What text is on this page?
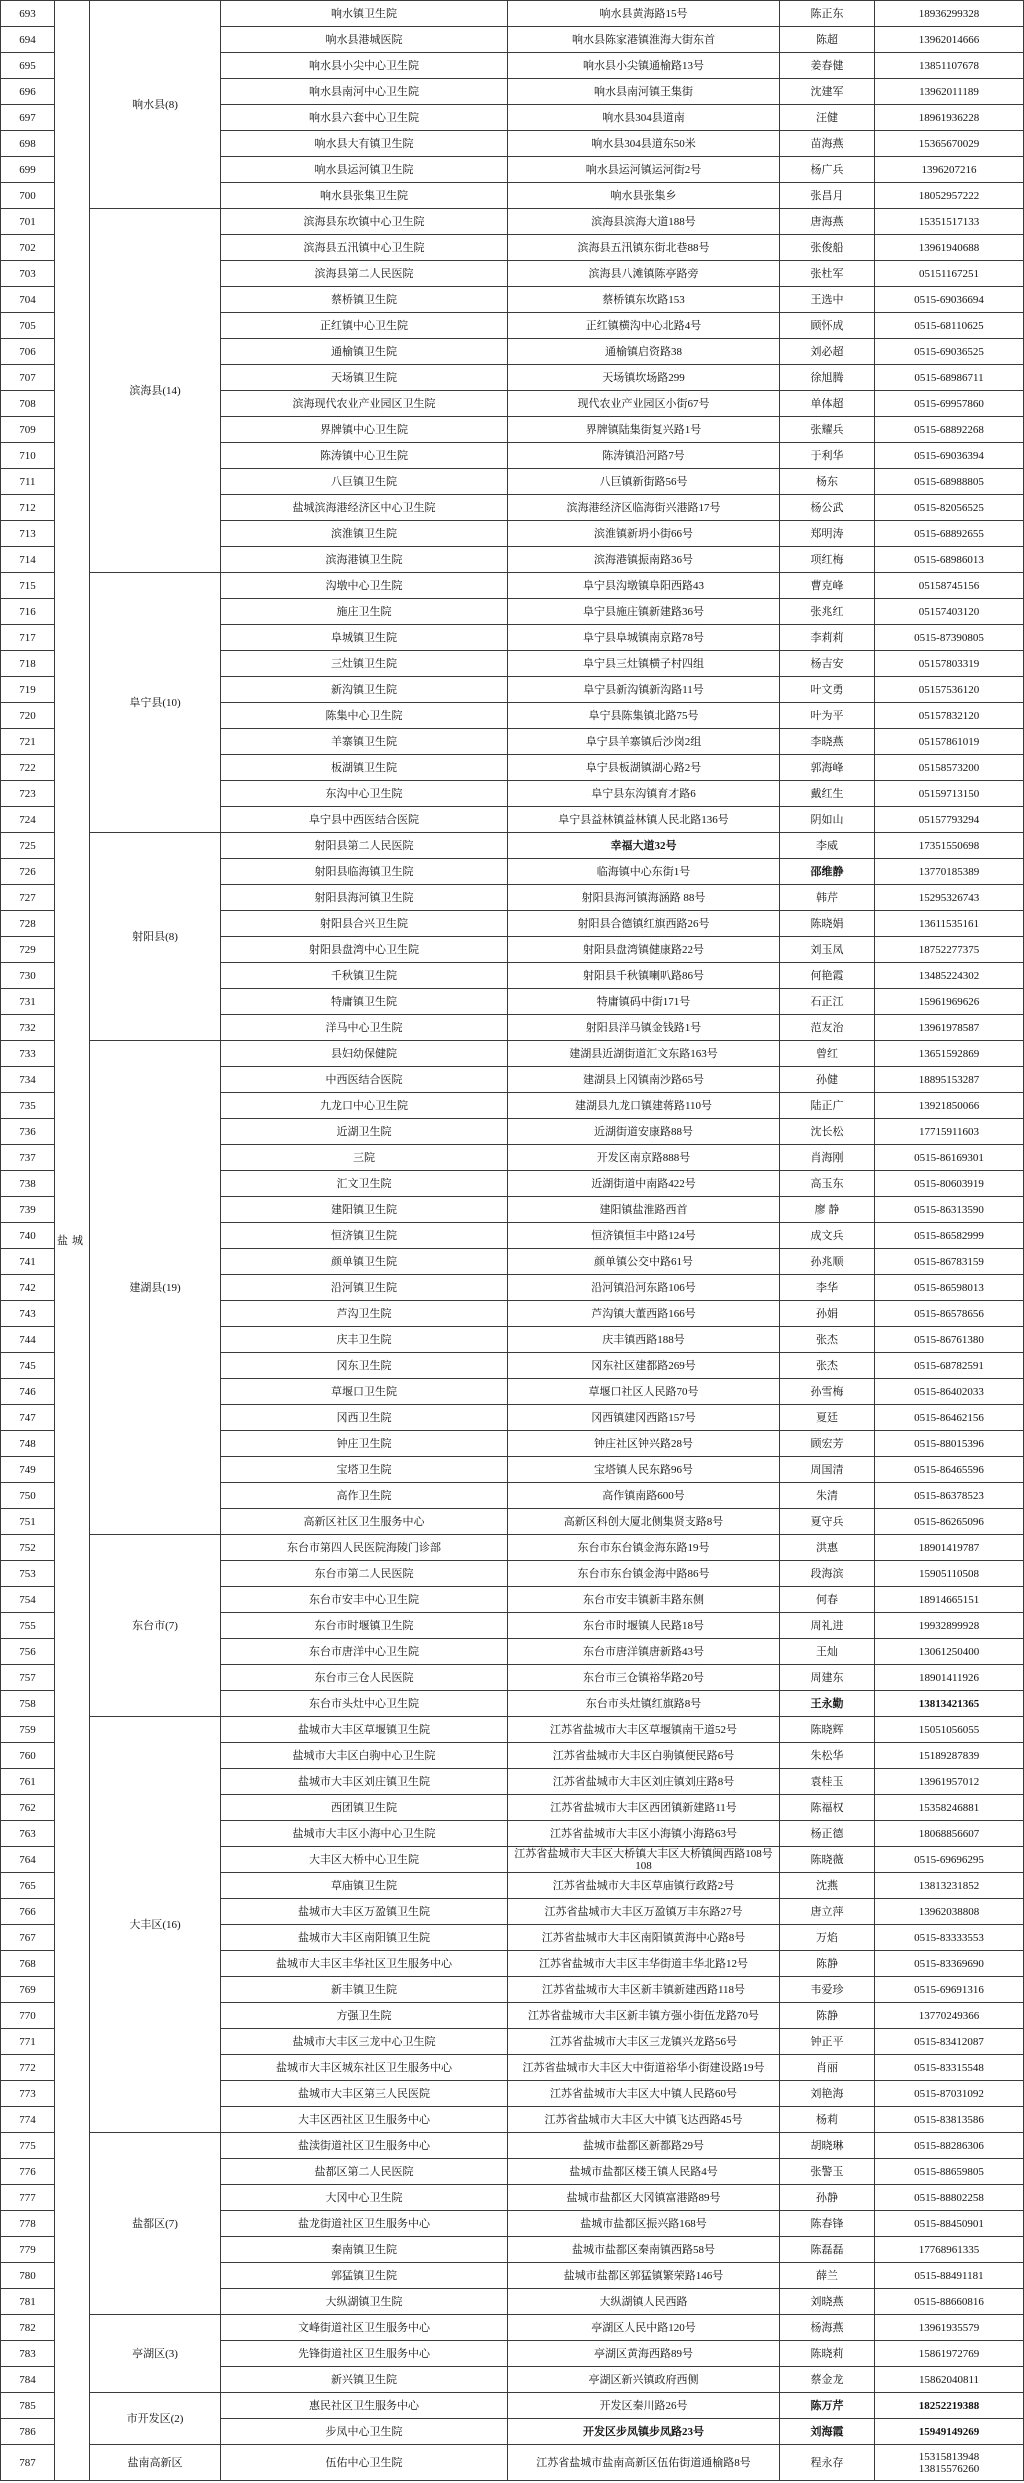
盐城
响水县(8)
693	响水镇卫生院	响水县黄海路15号	陈正东	18936299328
694	响水县港城医院	响水县陈家港镇淮海大街东首	陈超	13962014666
695	响水县小尖中心卫生院	响水县小尖镇通榆路13号	姜春健	13851107678
696	响水县南河中心卫生院	响水县南河镇王集街	沈建军	13962011189
697	响水县六套中心卫生院	响水县304县道南	汪健	18961936228
698	响水县大有镇卫生院	响水县304县道东50米	苗海燕	15365670029
699	响水县运河镇卫生院	响水县运河镇运河街2号	杨广兵	1396207216
700	响水县张集卫生院	响水县张集乡	张昌月	18052957222
滨海县(14)
701	滨海县东坎镇中心卫生院	滨海县滨海大道188号	唐海燕	15351517133
702	滨海县五汛镇中心卫生院	滨海县五汛镇东街北巷88号	张俊船	13961940688
703	滨海县第二人民医院	滨海县八滩镇陈亭路旁	张杜军	05151167251
704	蔡桥镇卫生院	蔡桥镇东坎路153	王选中	0515-69036694
705	正红镇中心卫生院	正红镇横沟中心北路4号	顾怀成	0515-68110625
706	通榆镇卫生院	通榆镇启资路38	刘必超	0515-69036525
707	天场镇卫生院	天场镇坎场路299	徐旭腾	0515-68986711
708	滨海现代农业产业园区卫生院	现代农业产业园区小街67号	单体超	0515-69957860
709	界牌镇中心卫生院	界牌镇陆集街复兴路1号	张耀兵	0515-68892268
710	陈涛镇中心卫生院	陈涛镇沿河路7号	于利华	0515-69036394
711	八巨镇卫生院	八巨镇新街路56号	杨东	0515-68988805
712	盐城滨海港经济区中心卫生院	滨海港经济区临海街兴港路17号	杨公武	0515-82056525
713	滨淮镇卫生院	滨淮镇新坍小街66号	郑明涛	0515-68892655
714	滨海港镇卫生院	滨海港镇振南路36号	项红梅	0515-68986013
阜宁县(10)
715	沟墩中心卫生院	阜宁县沟墩镇阜阳西路43	曹克峰	05158745156
716	施庄卫生院	阜宁县施庄镇新建路36号	张兆红	05157403120
717	阜城镇卫生院	阜宁县阜城镇南京路78号	李莉莉	0515-87390805
718	三灶镇卫生院	阜宁县三灶镇横子村四组	杨吉安	05157803319
719	新沟镇卫生院	阜宁县新沟镇新沟路11号	叶文勇	05157536120
720	陈集中心卫生院	阜宁县陈集镇北路75号	叶为平	05157832120
721	羊寨镇卫生院	阜宁县羊寨镇后沙岗2组	李晓燕	05157861019
722	板湖镇卫生院	阜宁县板湖镇湖心路2号	郭海峰	05158573200
723	东沟中心卫生院	阜宁县东沟镇育才路6	戴红生	05159713150
724	阜宁县中西医结合医院	阜宁县益林镇益林镇人民北路136号	阴如山	05157793294
射阳县(8)
725	射阳县第二人民医院	幸福大道32号	李威	17351550698
726	射阳县临海镇卫生院	临海镇中心东街1号	邵维静	13770185389
727	射阳县海河镇卫生院	射阳县海河镇海涵路 88号	韩芹	15295326743
728	射阳县合兴卫生院	射阳县合德镇红旗西路26号	陈晓娟	13611535161
729	射阳县盘湾中心卫生院	射阳县盘湾镇健康路22号	刘玉凤	18752277375
730	千秋镇卫生院	射阳县千秋镇喇叭路86号	何艳霞	13485224302
731	特庸镇卫生院	特庸镇码中街171号	石正江	15961969626
732	洋马中心卫生院	射阳县洋马镇金钱路1号	范友治	13961978587
建湖县(19)
733	县妇幼保健院	建湖县近湖街道汇文东路163号	曾红	13651592869
734	中西医结合医院	建湖县上冈镇南沙路65号	孙健	18895153287
735	九龙口中心卫生院	建湖县九龙口镇建蒋路110号	陆正广	13921850066
736	近湖卫生院	近湖街道安康路88号	沈长松	17715911603
737	三院	开发区南京路888号	肖海刚	0515-86169301
738	汇文卫生院	近湖街道中南路422号	高玉东	0515-80603919
739	建阳镇卫生院	建阳镇盐淮路西首	廖 静	0515-86313590
740	恒济镇卫生院	恒济镇恒丰中路124号	成文兵	0515-86582999
741	颜单镇卫生院	颜单镇公交中路61号	孙兆顺	0515-86783159
742	沿河镇卫生院	沿河镇沿河东路106号	李华	0515-86598013
743	芦沟卫生院	芦沟镇大董西路166号	孙娟	0515-86578656
744	庆丰卫生院	庆丰镇西路188号	张杰	0515-86761380
745	冈东卫生院	冈东社区建都路269号	张杰	0515-68782591
746	草堰口卫生院	草堰口社区人民路70号	孙雪梅	0515-86402033
747	冈西卫生院	冈西镇建冈西路157号	夏廷	0515-86462156
748	钟庄卫生院	钟庄社区钟兴路28号	顾宏芳	0515-88015396
749	宝塔卫生院	宝塔镇人民东路96号	周国清	0515-86465596
750	高作卫生院	高作镇南路600号	朱清	0515-86378523
751	高新区社区卫生服务中心	高新区科创大厦北侧集贤支路8号	夏守兵	0515-86265096
东台市(7)
752	东台市第四人民医院海陵门诊部	东台市东台镇金海东路19号	洪惠	18901419787
753	东台市第二人民医院	东台市东台镇金海中路86号	段海滨	15905110508
754	东台市安丰中心卫生院	东台市安丰镇新丰路东侧	何春	18914665151
755	东台市时堰镇卫生院	东台市时堰镇人民路18号	周礼进	19932899928
756	东台市唐洋中心卫生院	东台市唐洋镇唐新路43号	王灿	13061250400
757	东台市三仓人民医院	东台市三仓镇裕华路20号	周建东	18901411926
758	东台市头灶中心卫生院	东台市头灶镇红旗路8号	王永勤	13813421365
大丰区(16)
759	盐城市大丰区草堰镇卫生院	江苏省盐城市大丰区草堰镇南干道52号	陈晓辉	15051056055
760	盐城市大丰区白驹中心卫生院	江苏省盐城市大丰区白驹镇便民路6号	朱松华	15189287839
761	盐城市大丰区刘庄镇卫生院	江苏省盐城市大丰区刘庄镇刘庄路8号	袁桂玉	13961957012
762	西团镇卫生院	江苏省盐城市大丰区西团镇新建路11号	陈福权	15358246881
763	盐城市大丰区小海中心卫生院	江苏省盐城市大丰区小海镇小海路63号	杨正德	18068856607
764	大丰区大桥中心卫生院	江苏省盐城市大丰区大桥镇大丰区大桥镇闽西路108号108	陈晓薇	0515-69696295
765	草庙镇卫生院	江苏省盐城市大丰区草庙镇行政路2号	沈燕	13813231852
766	盐城市大丰区万盈镇卫生院	江苏省盐城市大丰区万盈镇万丰东路27号	唐立萍	13962038808
767	盐城市大丰区南阳镇卫生院	江苏省盐城市大丰区南阳镇黄海中心路8号	万焰	0515-83333553
768	盐城市大丰区丰华社区卫生服务中心	江苏省盐城市大丰区丰华街道丰华北路12号	陈静	0515-83369690
769	新丰镇卫生院	江苏省盐城市大丰区新丰镇新建西路118号	韦爱珍	0515-69691316
770	方强卫生院	江苏省盐城市大丰区新丰镇方强小街伍龙路70号	陈静	13770249366
771	盐城市大丰区三龙中心卫生院	江苏省盐城市大丰区三龙镇兴龙路56号	钟正平	0515-83412087
772	盐城市大丰区城东社区卫生服务中心	江苏省盐城市大丰区大中街道裕华小街建设路19号	肖丽	0515-83315548
773	盐城市大丰区第三人民医院	江苏省盐城市大丰区大中镇人民路60号	刘艳海	0515-87031092
774	大丰区西社区卫生服务中心	江苏省盐城市大丰区大中镇飞达西路45号	杨莉	0515-83813586
盐都区(7)
775	盐渎街道社区卫生服务中心	盐城市盐都区新都路29号	胡晓琳	0515-88286306
776	盐都区第二人民医院	盐城市盐都区楼王镇人民路4号	张警玉	0515-88659805
777	大冈中心卫生院	盐城市盐都区大冈镇富港路89号	孙静	0515-88802258
778	盐龙街道社区卫生服务中心	盐城市盐都区振兴路168号	陈春锋	0515-88450901
779	秦南镇卫生院	盐城市盐都区秦南镇西路58号	陈磊磊	17768961335
780	郭猛镇卫生院	盐城市盐都区郭猛镇繁荣路146号	薛兰	0515-88491181
781	大纵湖镇卫生院	大纵湖镇人民西路	刘晓燕	0515-88660816
亭湖区(3)
782	文峰街道社区卫生服务中心	亭湖区人民中路120号	杨海燕	13961935579
783	先锋街道社区卫生服务中心	亭湖区黄海西路89号	陈晓莉	15861972769
784	新兴镇卫生院	亭湖区新兴镇政府西侧	蔡金龙	15862040811
市开发区(2)
785	惠民社区卫生服务中心	开发区秦川路26号	陈万芹	18252219388
786	步凤中心卫生院	开发区步凤镇步凤路23号	刘海霞	15949149269
盐南高新区
787	伍佑中心卫生院	江苏省盐城市盐南高新区伍佑街道通榆路8号	程永存	15315813948
13815576260
